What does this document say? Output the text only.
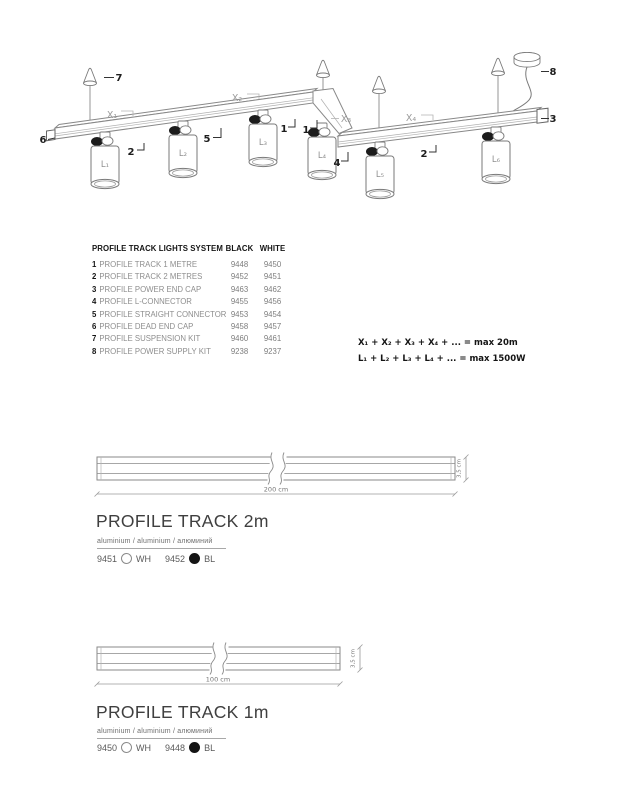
L₁
L₂
L₃
L₄
L₅
L₆
X₁
X₂
X₃	X₄
7
6
2
5
1 1
4
2
3
8
PROFILE TRACK LIGHTS SYSTEM BLACK WHITE
1 PROFILE TRACK 1 METRE	9448	9450
2 PROFILE TRACK 2 METRES	9452	9451
3 PROFILE POWER END CAP	9463	9462
4 PROFILE L-CONNECTOR	9455	9456
5 PROFILE STRAIGHT CONNECTOR 9453	9454
6 PROFILE DEAD END CAP	9458	9457
7 PROFILE SUSPENSION KIT	9460	9461
8 PROFILE POWER SUPPLY KIT	9238	9237
X₁ + X₂ + X₃ + X₄ + ... = max 20m
L₁ + L₂ + L₃ + L₄ + ... = max 1500W
200 cm
3,5 cm
PROFILE TRACK 2m
aluminium / aluminium / алюминий
9451 WH 9452 BL
100 cm
3,5 cm
PROFILE TRACK 1m
aluminium / aluminium / алюминий
9450 WH 9448 BL
